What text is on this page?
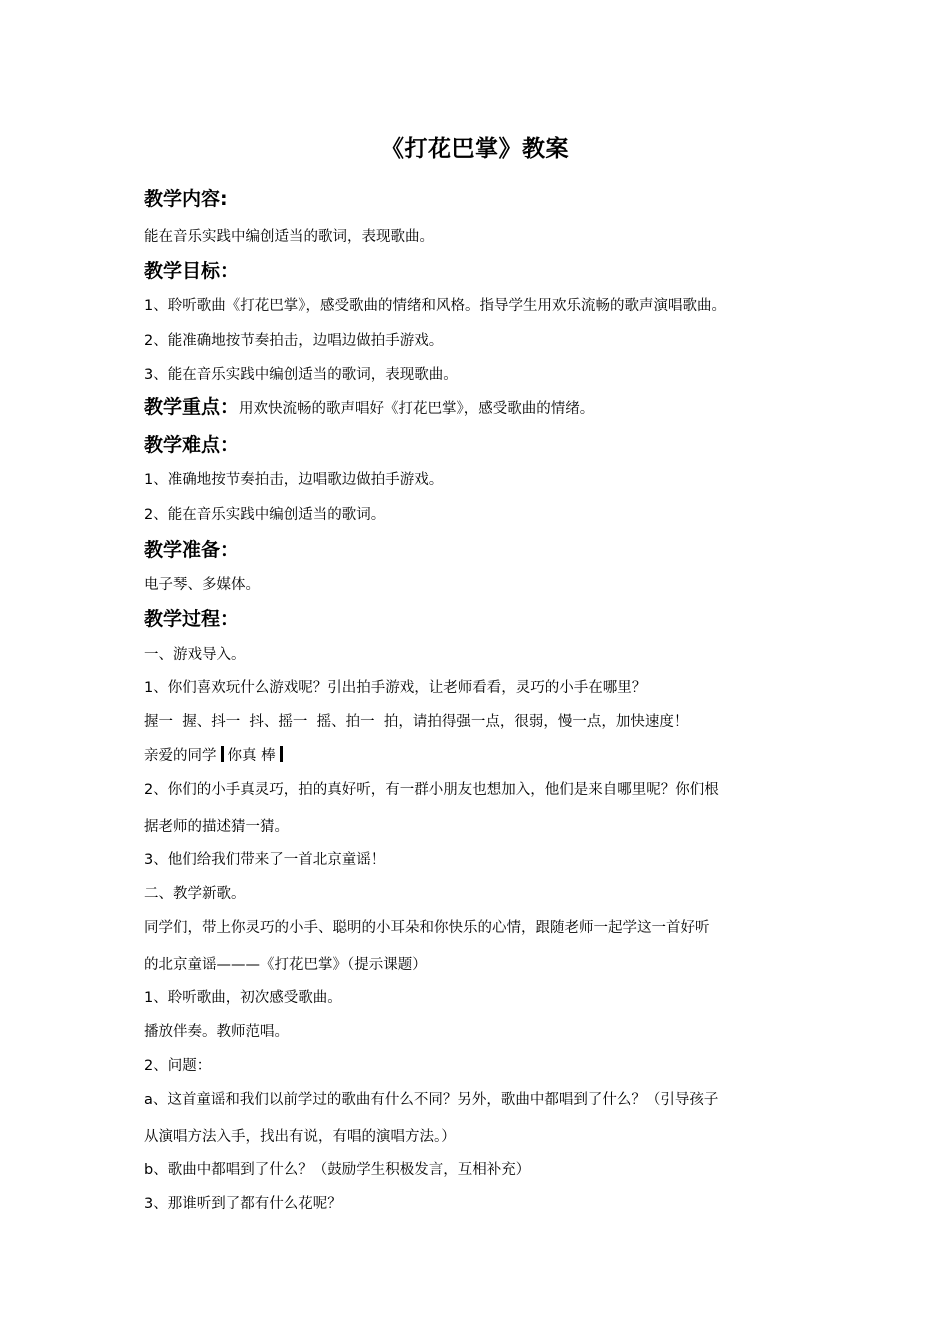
《打花巴掌》教案
教学内容:
能在音乐实践中编创适当的歌词，表现歌曲。
教学目标：
1、聆听歌曲《打花巴掌》，感受歌曲的情绪和风格。指导学生用欢乐流畅的歌声演唱歌曲。
2、能准确地按节奏拍击，边唱边做拍手游戏。
3、能在音乐实践中编创适当的歌词，表现歌曲。
教学重点：用欢快流畅的歌声唱好《打花巴掌》，感受歌曲的情绪。
教学难点：
1、准确地按节奏拍击，边唱歌边做拍手游戏。
2、能在音乐实践中编创适当的歌词。
教学准备：
电子琴、多媒体。
教学过程：
一、游戏导入。
1、你们喜欢玩什么游戏呢？引出拍手游戏，让老师看看，灵巧的小手在哪里？
握一  握、抖一  抖、摇一  摇、拍一  拍，请拍得强一点，很弱，慢一点，加快速度！
亲爱的同学 你真 棒
2、你们的小手真灵巧，拍的真好听，有一群小朋友也想加入，他们是来自哪里呢？你们根
据老师的描述猜一猜。
3、他们给我们带来了一首北京童谣！
二、教学新歌。
同学们，带上你灵巧的小手、聪明的小耳朵和你快乐的心情，跟随老师一起学这一首好听
的北京童谣———《打花巴掌》（提示课题）
1、聆听歌曲，初次感受歌曲。
播放伴奏。教师范唱。
2、问题：
a、这首童谣和我们以前学过的歌曲有什么不同？另外，歌曲中都唱到了什么？（引导孩子
从演唱方法入手，找出有说，有唱的演唱方法。）
b、歌曲中都唱到了什么？（鼓励学生积极发言，互相补充）
3、那谁听到了都有什么花呢？
